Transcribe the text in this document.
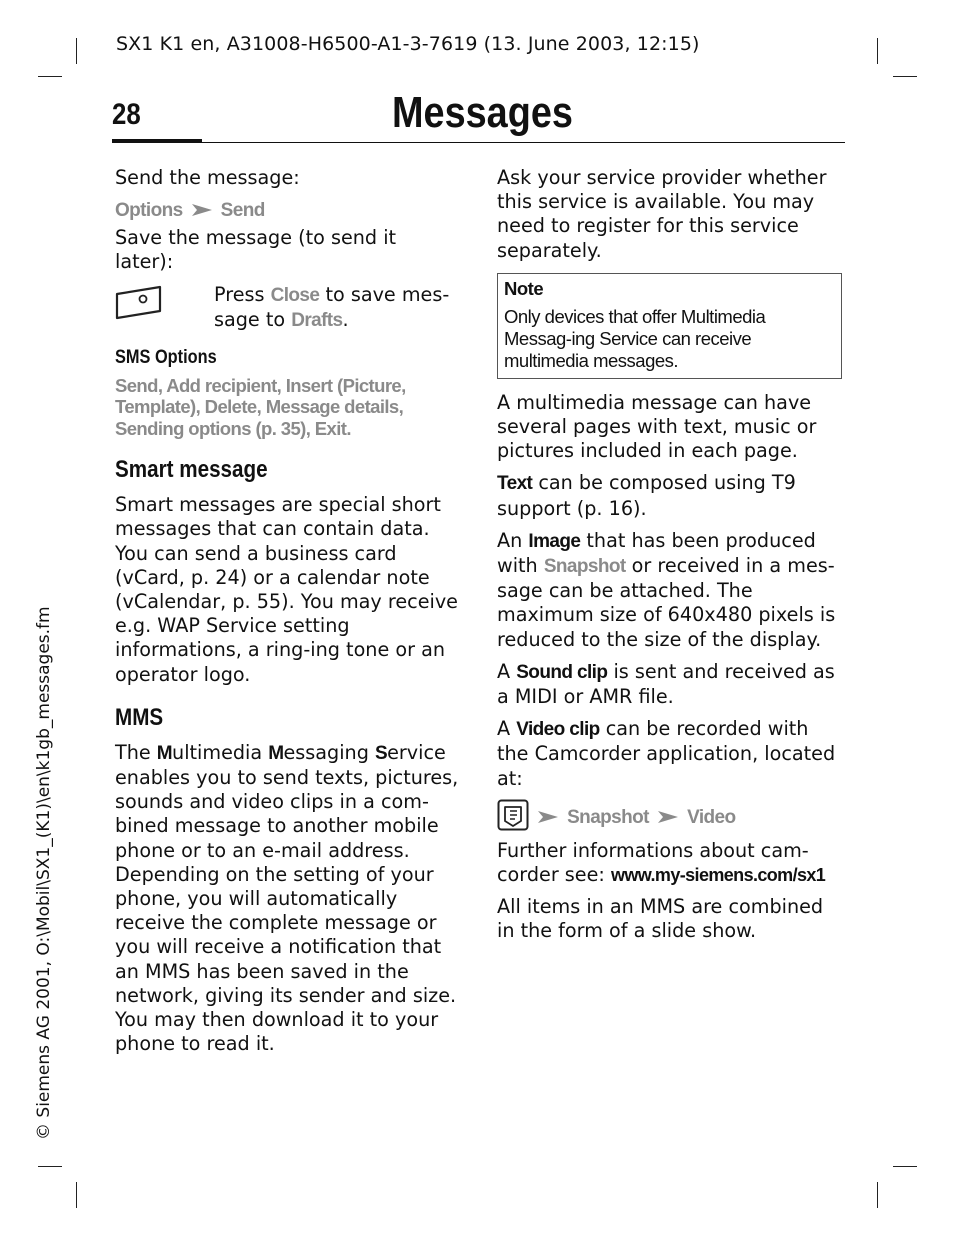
SX1 K1 en, A31008-H6500-A1-3-7619 (13. June 2003, 12:15)
28	Messages

Send the message:

Options Send

Save the message (to send it later):

Press Close to save mes-sage to Drafts.
SMS Options

Send, Add recipient, Insert (Picture, Template), Delete, Message details, Sending options (p. 35), Exit.

Smart message

Smart messages are special short messages that can contain data. You can send a business card (vCard, p. 24) or a calendar note (vCalendar, p. 55). You may receive e.g. WAP Service setting informations, a ring-ing tone or an operator logo.

MMS

The Multimedia Messaging Service enables you to send texts, pictures, sounds and video clips in a com-bined message to another mobile phone or to an e-mail address. Depending on the setting of your phone, you will automatically receive the complete message or you will receive a notification that an MMS has been saved in the network, giving its sender and size. You may then download it to your phone to read it.

Ask your service provider whether this service is available. You may need to register for this service separately.

Note
Only devices that offer Multimedia Messag-ing Service can receive multimedia messages.

A multimedia message can have several pages with text, music or pictures included in each page.

Text can be composed using T9 support (p. 16).

An Image that has been produced with Snapshot or received in a mes-sage can be attached. The maximum size of 640x480 pixels is reduced to the size of the display.

A Sound clip is sent and received as a MIDI or AMR file.

A Video clip can be recorded with the Camcorder application, located at:

Snapshot Video

Further informations about cam-corder see: www.my-siemens.com/sx1

All items in an MMS are combined in the form of a slide show.

© Siemens AG 2001, O:\Mobil\SX1_(K1)\en\k1gb_messages.fm
